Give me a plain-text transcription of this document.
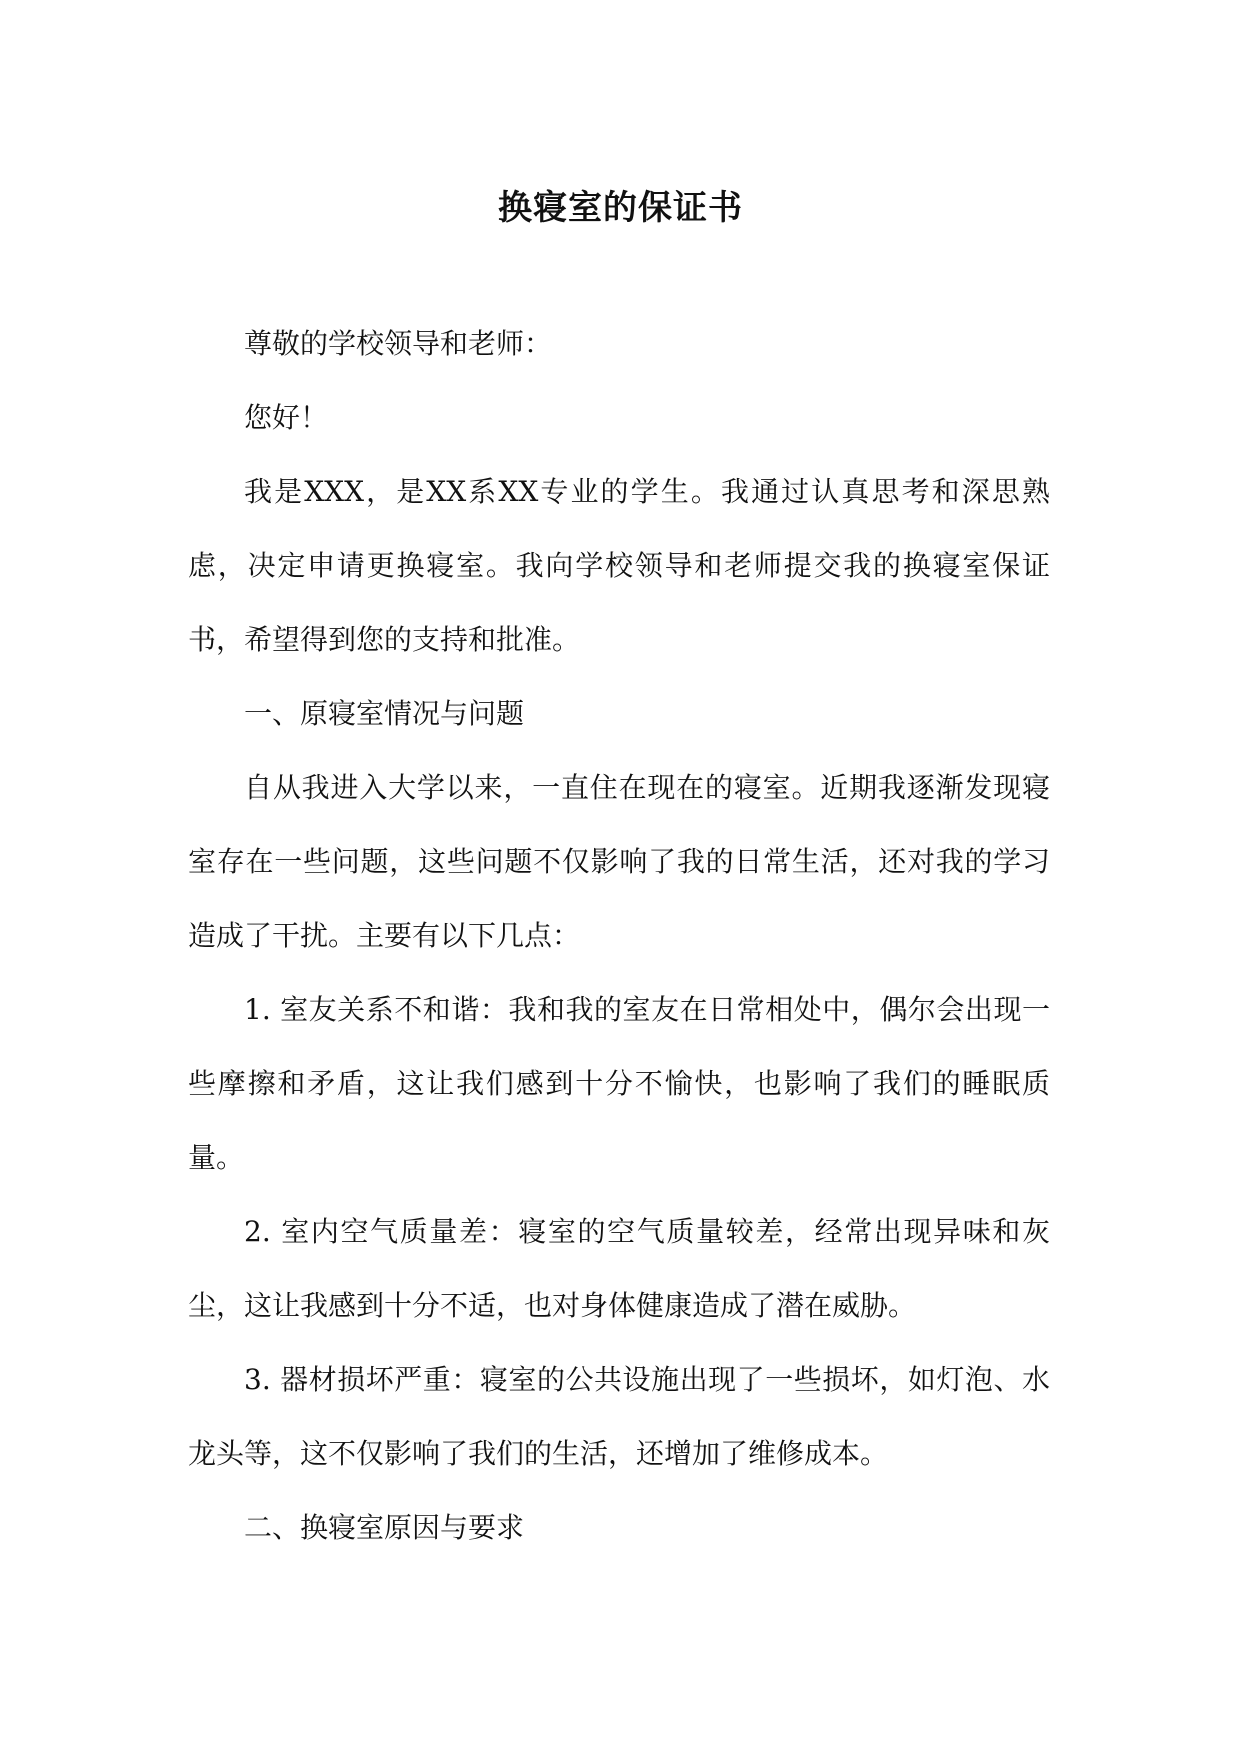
换寝室的保证书

尊敬的学校领导和老师：

您好！

我是XXX，是XX系XX专业的学生。我通过认真思考和深思熟虑，决定申请更换寝室。我向学校领导和老师提交我的换寝室保证书，希望得到您的支持和批准。

一、原寝室情况与问题

自从我进入大学以来，一直住在现在的寝室。近期我逐渐发现寝室存在一些问题，这些问题不仅影响了我的日常生活，还对我的学习造成了干扰。主要有以下几点：

1. 室友关系不和谐：我和我的室友在日常相处中，偶尔会出现一些摩擦和矛盾，这让我们感到十分不愉快，也影响了我们的睡眠质量。

2. 室内空气质量差：寝室的空气质量较差，经常出现异味和灰尘，这让我感到十分不适，也对身体健康造成了潜在威胁。

3. 器材损坏严重：寝室的公共设施出现了一些损坏，如灯泡、水龙头等，这不仅影响了我们的生活，还增加了维修成本。

二、换寝室原因与要求
